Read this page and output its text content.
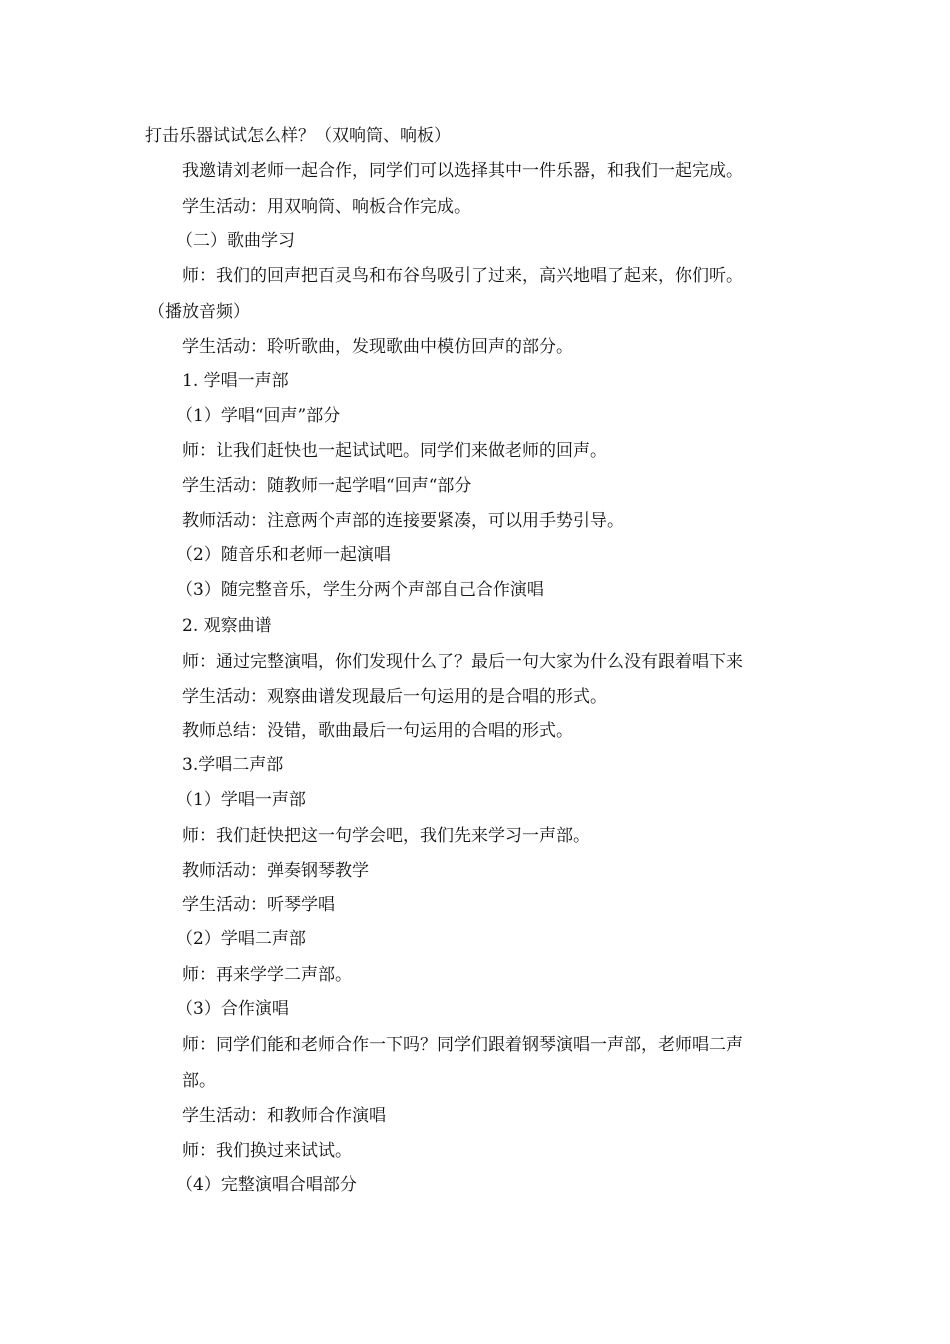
打击乐器试试怎么样？（双响筒、响板）
我邀请刘老师一起合作，同学们可以选择其中一件乐器，和我们一起完成。
学生活动：用双响筒、响板合作完成。
（二）歌曲学习
师：我们的回声把百灵鸟和布谷鸟吸引了过来，高兴地唱了起来，你们听。
（播放音频）
学生活动：聆听歌曲，发现歌曲中模仿回声的部分。
1. 学唱一声部
（1）学唱“回声”部分
师：让我们赶快也一起试试吧。同学们来做老师的回声。
学生活动：随教师一起学唱“回声“部分
教师活动：注意两个声部的连接要紧凑，可以用手势引导。
（2）随音乐和老师一起演唱
（3）随完整音乐，学生分两个声部自己合作演唱
2. 观察曲谱
师：通过完整演唱，你们发现什么了？最后一句大家为什么没有跟着唱下来
学生活动：观察曲谱发现最后一句运用的是合唱的形式。
教师总结：没错，歌曲最后一句运用的合唱的形式。
3.学唱二声部
（1）学唱一声部
师：我们赶快把这一句学会吧，我们先来学习一声部。
教师活动：弹奏钢琴教学
学生活动：听琴学唱
（2）学唱二声部
师：再来学学二声部。
（3）合作演唱
师：同学们能和老师合作一下吗？同学们跟着钢琴演唱一声部，老师唱二声
部。
学生活动：和教师合作演唱
师：我们换过来试试。
（4）完整演唱合唱部分
